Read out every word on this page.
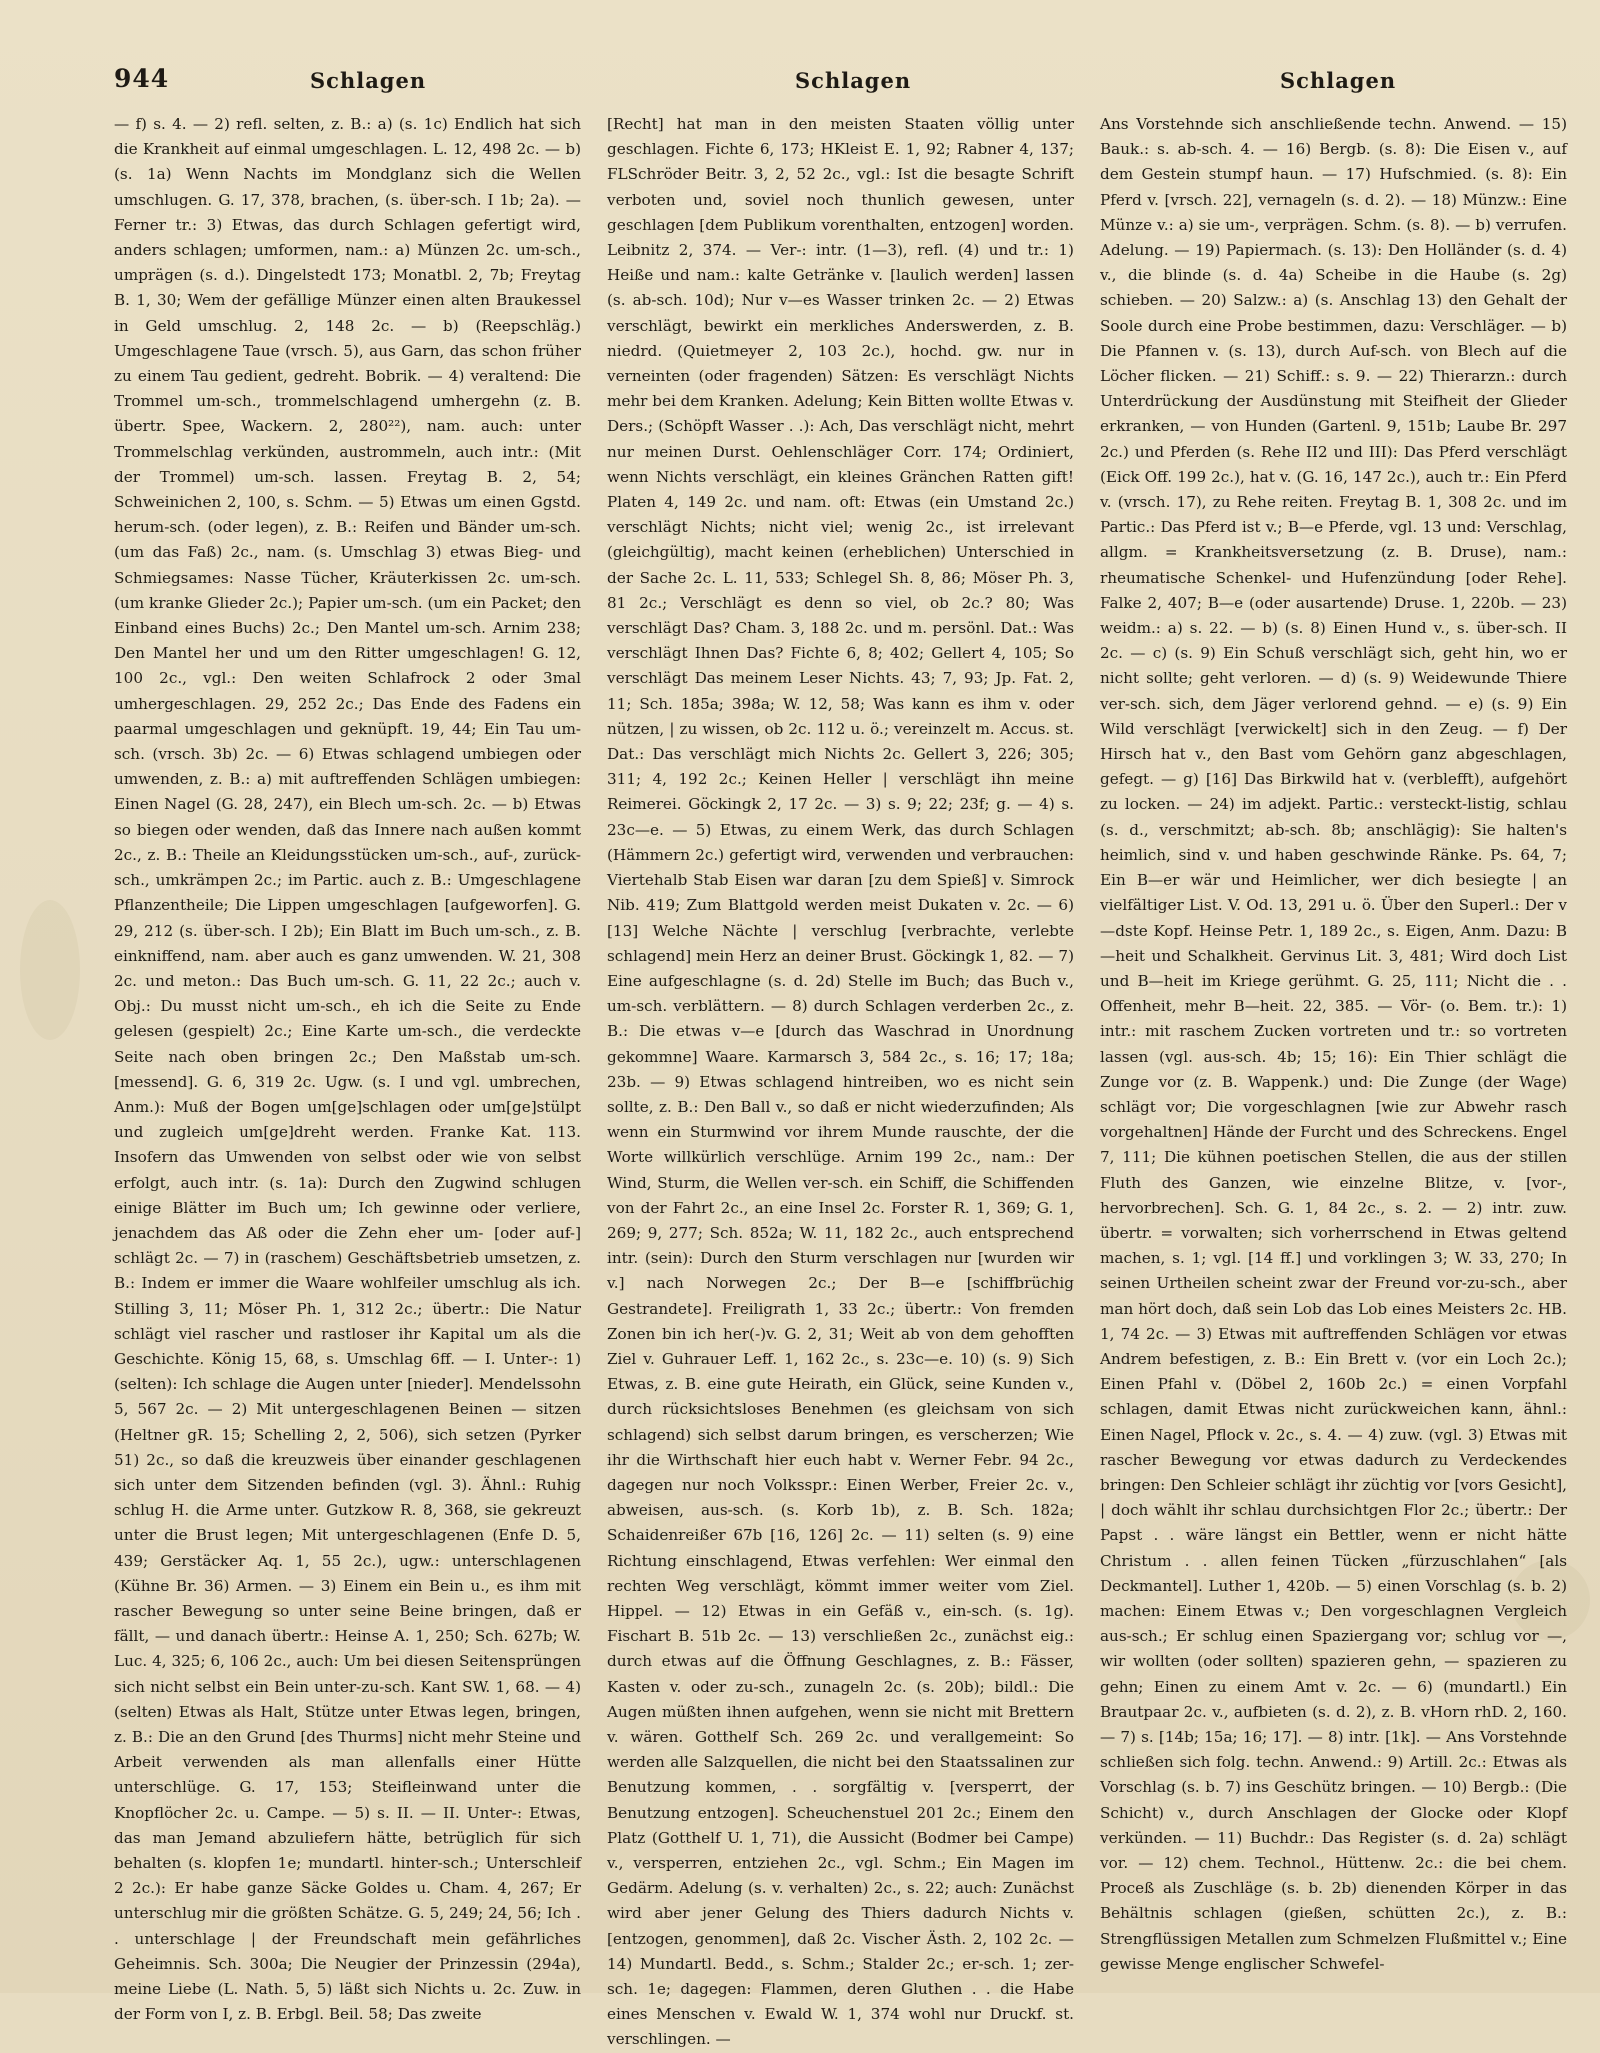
944	Schlagen	Schlagen	Schlagen

— f) s. 4. — 2) refl. selten, z. B.: a) (s. 1c) Endlich hat sich die Krankheit auf einmal umgeschlagen. L. 12, 498 2c. — b) (s. 1a) Wenn Nachts im Mondglanz sich die Wellen umschlugen. G. 17, 378, brachen, (s. über-sch. I 1b; 2a). — Ferner tr.: 3) Etwas, das durch Schlagen gefertigt wird, anders schlagen; umformen, nam.: a) Münzen 2c. um-sch., umprägen (s. d.). Dingelstedt 173; Monatbl. 2, 7b; Freytag B. 1, 30; Wem der gefällige Münzer einen alten Braukessel in Geld umschlug. 2, 148 2c. — b) (Reepschläg.) Umgeschlagene Taue (vrsch. 5), aus Garn, das schon früher zu einem Tau gedient, gedreht. Bobrik. — 4) veraltend: Die Trommel um-sch., trommelschlagend umhergehn (z. B. übertr. Spee, Wackern. 2, 280²²), nam. auch: unter Trommelschlag verkünden, austrommeln, auch intr.: (Mit der Trommel) um-sch. lassen. Freytag B. 2, 54; Schweinichen 2, 100, s. Schm. — 5) Etwas um einen Ggstd. herum-sch. (oder legen), z. B.: Reifen und Bänder um-sch. (um das Faß) 2c., nam. (s. Umschlag 3) etwas Bieg- und Schmiegsames: Nasse Tücher, Kräuterkissen 2c. um-sch. (um kranke Glieder 2c.); Papier um-sch. (um ein Packet; den Einband eines Buchs) 2c.; Den Mantel um-sch. Arnim 238; Den Mantel her und um den Ritter umgeschlagen! G. 12, 100 2c., vgl.: Den weiten Schlafrock 2 oder 3mal umhergeschlagen. 29, 252 2c.; Das Ende des Fadens ein paarmal umgeschlagen und geknüpft. 19, 44; Ein Tau um-sch. (vrsch. 3b) 2c. — 6) Etwas schlagend umbiegen oder umwenden, z. B.: a) mit auftreffenden Schlägen umbiegen: Einen Nagel (G. 28, 247), ein Blech um-sch. 2c. — b) Etwas so biegen oder wenden, daß das Innere nach außen kommt 2c., z. B.: Theile an Kleidungsstücken um-sch., auf-, zurück-sch., umkrämpen 2c.; im Partic. auch z. B.: Umgeschlagene Pflanzentheile; Die Lippen umgeschlagen [aufgeworfen]. G. 29, 212 (s. über-sch. I 2b); Ein Blatt im Buch um-sch., z. B. einkniffend, nam. aber auch es ganz umwenden. W. 21, 308 2c. und meton.: Das Buch um-sch. G. 11, 22 2c.; auch v. Obj.: Du musst nicht um-sch., eh ich die Seite zu Ende gelesen (gespielt) 2c.; Eine Karte um-sch., die verdeckte Seite nach oben bringen 2c.; Den Maßstab um-sch. [messend]. G. 6, 319 2c. Ugw. (s. I und vgl. umbrechen, Anm.): Muß der Bogen um[ge]schlagen oder um[ge]stülpt und zugleich um[ge]dreht werden. Franke Kat. 113. Insofern das Umwenden von selbst oder wie von selbst erfolgt, auch intr. (s. 1a): Durch den Zugwind schlugen einige Blätter im Buch um; Ich gewinne oder verliere, jenachdem das Aß oder die Zehn eher um- [oder auf-] schlägt 2c. — 7) in (raschem) Geschäftsbetrieb umsetzen, z. B.: Indem er immer die Waare wohlfeiler umschlug als ich. Stilling 3, 11; Möser Ph. 1, 312 2c.; übertr.: Die Natur schlägt viel rascher und rastloser ihr Kapital um als die Geschichte. König 15, 68, s. Umschlag 6ff. — I. Unter-: 1) (selten): Ich schlage die Augen unter [nieder]. Mendelssohn 5, 567 2c. — 2) Mit untergeschlagenen Beinen — sitzen (Heltner gR. 15; Schelling 2, 2, 506), sich setzen (Pyrker 51) 2c., so daß die kreuzweis über einander geschlagenen sich unter dem Sitzenden befinden (vgl. 3). Ähnl.: Ruhig schlug H. die Arme unter. Gutzkow R. 8, 368, sie gekreuzt unter die Brust legen; Mit untergeschlagenen (Enfe D. 5, 439; Gerstäcker Aq. 1, 55 2c.), ugw.: unterschlagenen (Kühne Br. 36) Armen. — 3) Einem ein Bein u., es ihm mit rascher Bewegung so unter seine Beine bringen, daß er fällt, — und danach übertr.: Heinse A. 1, 250; Sch. 627b; W. Luc. 4, 325; 6, 106 2c., auch: Um bei diesen Seitensprüngen sich nicht selbst ein Bein unter-zu-sch. Kant SW. 1, 68. — 4) (selten) Etwas als Halt, Stütze unter Etwas legen, bringen, z. B.: Die an den Grund [des Thurms] nicht mehr Steine und Arbeit verwenden als man allenfalls einer Hütte unterschlüge. G. 17, 153; Steifleinwand unter die Knopflöcher 2c. u. Campe. — 5) s. II. — II. Unter-: Etwas, das man Jemand abzuliefern hätte, betrüglich für sich behalten (s. klopfen 1e; mundartl. hinter-sch.; Unterschleif 2 2c.): Er habe ganze Säcke Goldes u. Cham. 4, 267; Er unterschlug mir die größten Schätze. G. 5, 249; 24, 56; Ich . . unterschlage | der Freundschaft mein gefährliches Geheimnis. Sch. 300a; Die Neugier der Prinzessin (294a), meine Liebe (L. Nath. 5, 5) läßt sich Nichts u. 2c. Zuw. in der Form von I, z. B. Erbgl. Beil. 58; Das zweite

[Recht] hat man in den meisten Staaten völlig unter geschlagen. Fichte 6, 173; HKleist E. 1, 92; Rabner 4, 137; FLSchröder Beitr. 3, 2, 52 2c., vgl.: Ist die besagte Schrift verboten und, soviel noch thunlich gewesen, unter geschlagen [dem Publikum vorenthalten, entzogen] worden. Leibnitz 2, 374. — Ver-: intr. (1—3), refl. (4) und tr.: 1) Heiße und nam.: kalte Getränke v. [laulich werden] lassen (s. ab-sch. 10d); Nur v—es Wasser trinken 2c. — 2) Etwas verschlägt, bewirkt ein merkliches Anderswerden, z. B. niedrd. (Quietmeyer 2, 103 2c.), hochd. gw. nur in verneinten (oder fragenden) Sätzen: Es verschlägt Nichts mehr bei dem Kranken. Adelung; Kein Bitten wollte Etwas v. Ders.; (Schöpft Wasser . .): Ach, Das verschlägt nicht, mehrt nur meinen Durst. Oehlenschläger Corr. 174; Ordiniert, wenn Nichts verschlägt, ein kleines Gränchen Ratten gift! Platen 4, 149 2c. und nam. oft: Etwas (ein Umstand 2c.) verschlägt Nichts; nicht viel; wenig 2c., ist irrelevant (gleichgültig), macht keinen (erheblichen) Unterschied in der Sache 2c. L. 11, 533; Schlegel Sh. 8, 86; Möser Ph. 3, 81 2c.; Verschlägt es denn so viel, ob 2c.? 80; Was verschlägt Das? Cham. 3, 188 2c. und m. persönl. Dat.: Was verschlägt Ihnen Das? Fichte 6, 8; 402; Gellert 4, 105; So verschlägt Das meinem Leser Nichts. 43; 7, 93; Jp. Fat. 2, 11; Sch. 185a; 398a; W. 12, 58; Was kann es ihm v. oder nützen, | zu wissen, ob 2c. 112 u. ö.; vereinzelt m. Accus. st. Dat.: Das verschlägt mich Nichts 2c. Gellert 3, 226; 305; 311; 4, 192 2c.; Keinen Heller | verschlägt ihn meine Reimerei. Göckingk 2, 17 2c. — 3) s. 9; 22; 23f; g. — 4) s. 23c—e. — 5) Etwas, zu einem Werk, das durch Schlagen (Hämmern 2c.) gefertigt wird, verwenden und verbrauchen: Viertehalb Stab Eisen war daran [zu dem Spieß] v. Simrock Nib. 419; Zum Blattgold werden meist Dukaten v. 2c. — 6) [13] Welche Nächte | verschlug [verbrachte, verlebte schlagend] mein Herz an deiner Brust. Göckingk 1, 82. — 7) Eine aufgeschlagne (s. d. 2d) Stelle im Buch; das Buch v., um-sch. verblättern. — 8) durch Schlagen verderben 2c., z. B.: Die etwas v—e [durch das Waschrad in Unordnung gekommne] Waare. Karmarsch 3, 584 2c., s. 16; 17; 18a; 23b. — 9) Etwas schlagend hintreiben, wo es nicht sein sollte, z. B.: Den Ball v., so daß er nicht wiederzufinden; Als wenn ein Sturmwind vor ihrem Munde rauschte, der die Worte willkürlich verschlüge. Arnim 199 2c., nam.: Der Wind, Sturm, die Wellen ver-sch. ein Schiff, die Schiffenden von der Fahrt 2c., an eine Insel 2c. Forster R. 1, 369; G. 1, 269; 9, 277; Sch. 852a; W. 11, 182 2c., auch entsprechend intr. (sein): Durch den Sturm verschlagen nur [wurden wir v.] nach Norwegen 2c.; Der B—e [schiffbrüchig Gestrandete]. Freiligrath 1, 33 2c.; übertr.: Von fremden Zonen bin ich her(-)v. G. 2, 31; Weit ab von dem gehofften Ziel v. Guhrauer Leff. 1, 162 2c., s. 23c—e. 10) (s. 9) Sich Etwas, z. B. eine gute Heirath, ein Glück, seine Kunden v., durch rücksichtsloses Benehmen (es gleichsam von sich schlagend) sich selbst darum bringen, es verscherzen; Wie ihr die Wirthschaft hier euch habt v. Werner Febr. 94 2c., dagegen nur noch Volksspr.: Einen Werber, Freier 2c. v., abweisen, aus-sch. (s. Korb 1b), z. B. Sch. 182a; Schaidenreißer 67b [16, 126] 2c. — 11) selten (s. 9) eine Richtung einschlagend, Etwas verfehlen: Wer einmal den rechten Weg verschlägt, kömmt immer weiter vom Ziel. Hippel. — 12) Etwas in ein Gefäß v., ein-sch. (s. 1g). Fischart B. 51b 2c. — 13) verschließen 2c., zunächst eig.: durch etwas auf die Öffnung Geschlagnes, z. B.: Fässer, Kasten v. oder zu-sch., zunageln 2c. (s. 20b); bildl.: Die Augen müßten ihnen aufgehen, wenn sie nicht mit Brettern v. wären. Gotthelf Sch. 269 2c. und verallgemeint: So werden alle Salzquellen, die nicht bei den Staatssalinen zur Benutzung kommen, . . sorgfältig v. [versperrt, der Benutzung entzogen]. Scheuchenstuel 201 2c.; Einem den Platz (Gotthelf U. 1, 71), die Aussicht (Bodmer bei Campe) v., versperren, entziehen 2c., vgl. Schm.; Ein Magen im Gedärm. Adelung (s. v. verhalten) 2c., s. 22; auch: Zunächst wird aber jener Gelung des Thiers dadurch Nichts v. [entzogen, genommen], daß 2c. Vischer Ästh. 2, 102 2c. — 14) Mundartl. Bedd., s. Schm.; Stalder 2c.; er-sch. 1; zer-sch. 1e; dagegen: Flammen, deren Gluthen . . die Habe eines Menschen v. Ewald W. 1, 374 wohl nur Druckf. st. verschlingen. —

Ans Vorstehnde sich anschließende techn. Anwend. — 15) Bauk.: s. ab-sch. 4. — 16) Bergb. (s. 8): Die Eisen v., auf dem Gestein stumpf haun. — 17) Hufschmied. (s. 8): Ein Pferd v. [vrsch. 22], vernageln (s. d. 2). — 18) Münzw.: Eine Münze v.: a) sie um-, verprägen. Schm. (s. 8). — b) verrufen. Adelung. — 19) Papiermach. (s. 13): Den Holländer (s. d. 4) v., die blinde (s. d. 4a) Scheibe in die Haube (s. 2g) schieben. — 20) Salzw.: a) (s. Anschlag 13) den Gehalt der Soole durch eine Probe bestimmen, dazu: Verschläger. — b) Die Pfannen v. (s. 13), durch Auf-sch. von Blech auf die Löcher flicken. — 21) Schiff.: s. 9. — 22) Thierarzn.: durch Unterdrückung der Ausdünstung mit Steifheit der Glieder erkranken, — von Hunden (Gartenl. 9, 151b; Laube Br. 297 2c.) und Pferden (s. Rehe II2 und III): Das Pferd verschlägt (Eick Off. 199 2c.), hat v. (G. 16, 147 2c.), auch tr.: Ein Pferd v. (vrsch. 17), zu Rehe reiten. Freytag B. 1, 308 2c. und im Partic.: Das Pferd ist v.; B—e Pferde, vgl. 13 und: Verschlag, allgm. = Krankheitsversetzung (z. B. Druse), nam.: rheumatische Schenkel- und Hufenzündung [oder Rehe]. Falke 2, 407; B—e (oder ausartende) Druse. 1, 220b. — 23) weidm.: a) s. 22. — b) (s. 8) Einen Hund v., s. über-sch. II 2c. — c) (s. 9) Ein Schuß verschlägt sich, geht hin, wo er nicht sollte; geht verloren. — d) (s. 9) Weidewunde Thiere ver-sch. sich, dem Jäger verlorend gehnd. — e) (s. 9) Ein Wild verschlägt [verwickelt] sich in den Zeug. — f) Der Hirsch hat v., den Bast vom Gehörn ganz abgeschlagen, gefegt. — g) [16] Das Birkwild hat v. (verblefft), aufgehört zu locken. — 24) im adjekt. Partic.: versteckt-listig, schlau (s. d., verschmitzt; ab-sch. 8b; anschlägig): Sie halten's heimlich, sind v. und haben geschwinde Ränke. Ps. 64, 7; Ein B—er wär und Heimlicher, wer dich besiegte | an vielfältiger List. V. Od. 13, 291 u. ö. Über den Superl.: Der v—dste Kopf. Heinse Petr. 1, 189 2c., s. Eigen, Anm. Dazu: B—heit und Schalkheit. Gervinus Lit. 3, 481; Wird doch List und B—heit im Kriege gerühmt. G. 25, 111; Nicht die . . Offenheit, mehr B—heit. 22, 385. — Vör- (o. Bem. tr.): 1) intr.: mit raschem Zucken vortreten und tr.: so vortreten lassen (vgl. aus-sch. 4b; 15; 16): Ein Thier schlägt die Zunge vor (z. B. Wappenk.) und: Die Zunge (der Wage) schlägt vor; Die vorgeschlagnen [wie zur Abwehr rasch vorgehaltnen] Hände der Furcht und des Schreckens. Engel 7, 111; Die kühnen poetischen Stellen, die aus der stillen Fluth des Ganzen, wie einzelne Blitze, v. [vor-, hervorbrechen]. Sch. G. 1, 84 2c., s. 2. — 2) intr. zuw. übertr. = vorwalten; sich vorherrschend in Etwas geltend machen, s. 1; vgl. [14 ff.] und vorklingen 3; W. 33, 270; In seinen Urtheilen scheint zwar der Freund vor-zu-sch., aber man hört doch, daß sein Lob das Lob eines Meisters 2c. HB. 1, 74 2c. — 3) Etwas mit auftreffenden Schlägen vor etwas Andrem befestigen, z. B.: Ein Brett v. (vor ein Loch 2c.); Einen Pfahl v. (Döbel 2, 160b 2c.) = einen Vorpfahl schlagen, damit Etwas nicht zurückweichen kann, ähnl.: Einen Nagel, Pflock v. 2c., s. 4. — 4) zuw. (vgl. 3) Etwas mit rascher Bewegung vor etwas dadurch zu Verdeckendes bringen: Den Schleier schlägt ihr züchtig vor [vors Gesicht], | doch wählt ihr schlau durchsichtgen Flor 2c.; übertr.: Der Papst . . wäre längst ein Bettler, wenn er nicht hätte Christum . . allen feinen Tücken „fürzuschlahen“ [als Deckmantel]. Luther 1, 420b. — 5) einen Vorschlag (s. b. 2) machen: Einem Etwas v.; Den vorgeschlagnen Vergleich aus-sch.; Er schlug einen Spaziergang vor; schlug vor —, wir wollten (oder sollten) spazieren gehn, — spazieren zu gehn; Einen zu einem Amt v. 2c. — 6) (mundartl.) Ein Brautpaar 2c. v., aufbieten (s. d. 2), z. B. vHorn rhD. 2, 160. — 7) s. [14b; 15a; 16; 17]. — 8) intr. [1k]. — Ans Vorstehnde schließen sich folg. techn. Anwend.: 9) Artill. 2c.: Etwas als Vorschlag (s. b. 7) ins Geschütz bringen. — 10) Bergb.: (Die Schicht) v., durch Anschlagen der Glocke oder Klopf verkünden. — 11) Buchdr.: Das Register (s. d. 2a) schlägt vor. — 12) chem. Technol., Hüttenw. 2c.: die bei chem. Proceß als Zuschläge (s. b. 2b) dienenden Körper in das Behältnis schlagen (gießen, schütten 2c.), z. B.: Strengflüssigen Metallen zum Schmelzen Flußmittel v.; Eine gewisse Menge englischer Schwefel-
